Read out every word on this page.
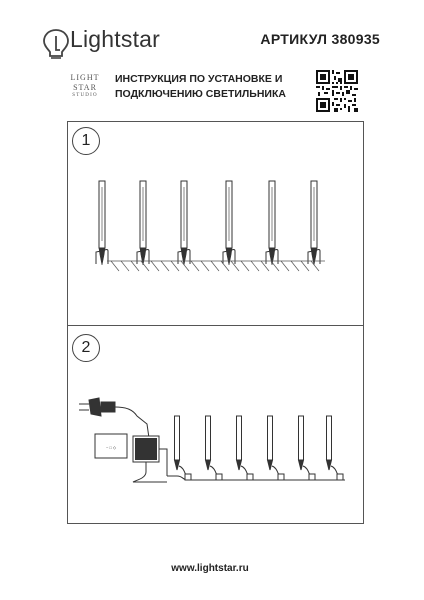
Lightstar	АРТИКУЛ 380935
LIGHT
STAR
STUDIO
ИНСТРУКЦИЯ ПО УСТАНОВКЕ И
ПОДКЛЮЧЕНИЮ СВЕТИЛЬНИКА
~ □ ◇
1
2
www.lightstar.ru
